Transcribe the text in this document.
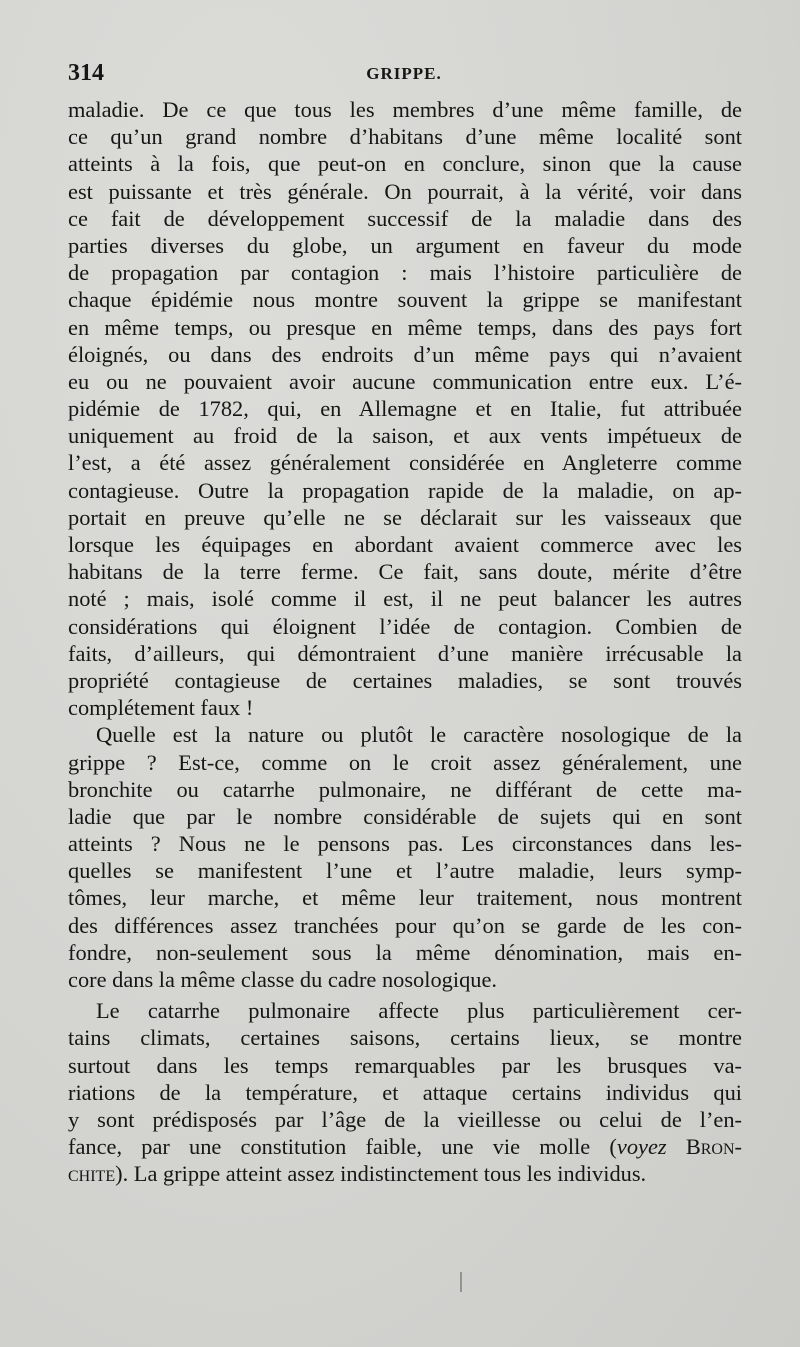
314	GRIPPE.
maladie. De ce que tous les membres d’une même famille, de
ce qu’un grand nombre d’habitans d’une même localité sont
atteints à la fois, que peut-on en conclure, sinon que la cause
est puissante et très générale. On pourrait, à la vérité, voir dans
ce fait de développement successif de la maladie dans des
parties diverses du globe, un argument en faveur du mode
de propagation par contagion : mais l’histoire particulière de
chaque épidémie nous montre souvent la grippe se manifestant
en même temps, ou presque en même temps, dans des pays fort
éloignés, ou dans des endroits d’un même pays qui n’avaient
eu ou ne pouvaient avoir aucune communication entre eux. L’é-
pidémie de 1782, qui, en Allemagne et en Italie, fut attribuée
uniquement au froid de la saison, et aux vents impétueux de
l’est, a été assez généralement considérée en Angleterre comme
contagieuse. Outre la propagation rapide de la maladie, on ap-
portait en preuve qu’elle ne se déclarait sur les vaisseaux que
lorsque les équipages en abordant avaient commerce avec les
habitans de la terre ferme. Ce fait, sans doute, mérite d’être
noté ; mais, isolé comme il est, il ne peut balancer les autres
considérations qui éloignent l’idée de contagion. Combien de
faits, d’ailleurs, qui démontraient d’une manière irrécusable la
propriété contagieuse de certaines maladies, se sont trouvés
complétement faux !
Quelle est la nature ou plutôt le caractère nosologique de la
grippe ? Est-ce, comme on le croit assez généralement, une
bronchite ou catarrhe pulmonaire, ne différant de cette ma-
ladie que par le nombre considérable de sujets qui en sont
atteints ? Nous ne le pensons pas. Les circonstances dans les-
quelles se manifestent l’une et l’autre maladie, leurs symp-
tômes, leur marche, et même leur traitement, nous montrent
des différences assez tranchées pour qu’on se garde de les con-
fondre, non-seulement sous la même dénomination, mais en-
core dans la même classe du cadre nosologique.
Le catarrhe pulmonaire affecte plus particulièrement cer-
tains climats, certaines saisons, certains lieux, se montre
surtout dans les temps remarquables par les brusques va-
riations de la température, et attaque certains individus qui
y sont prédisposés par l’âge de la vieillesse ou celui de l’en-
fance, par une constitution faible, une vie molle (voyez Bron-
chite). La grippe atteint assez indistinctement tous les individus.
